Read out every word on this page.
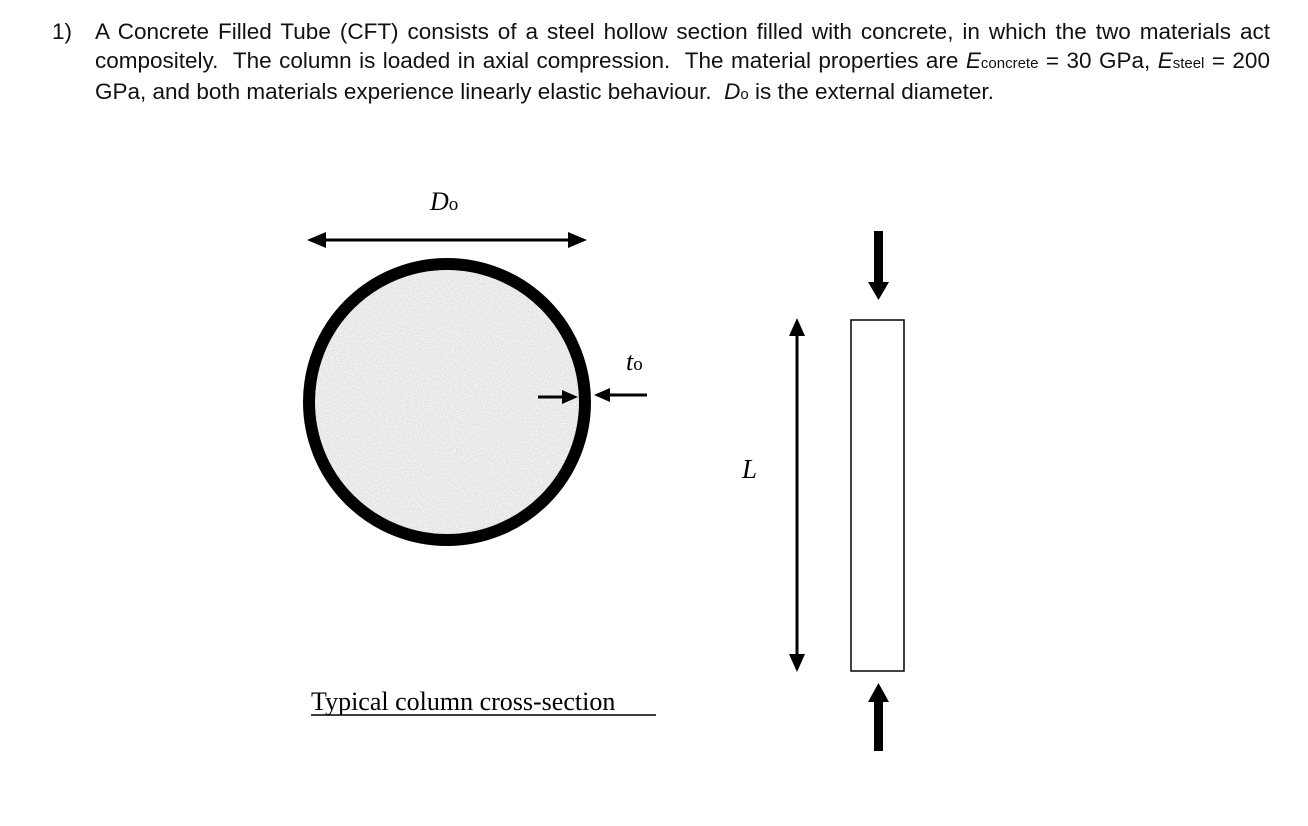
1) A Concrete Filled Tube (CFT) consists of a steel hollow section filled with concrete, in which the two materials act compositely. The column is loaded in axial compression. The material properties are Econcrete = 30 GPa, Esteel = 200 GPa, and both materials experience linearly elastic behaviour. Do is the external diameter.
Do
to
Typical column cross-section
L
